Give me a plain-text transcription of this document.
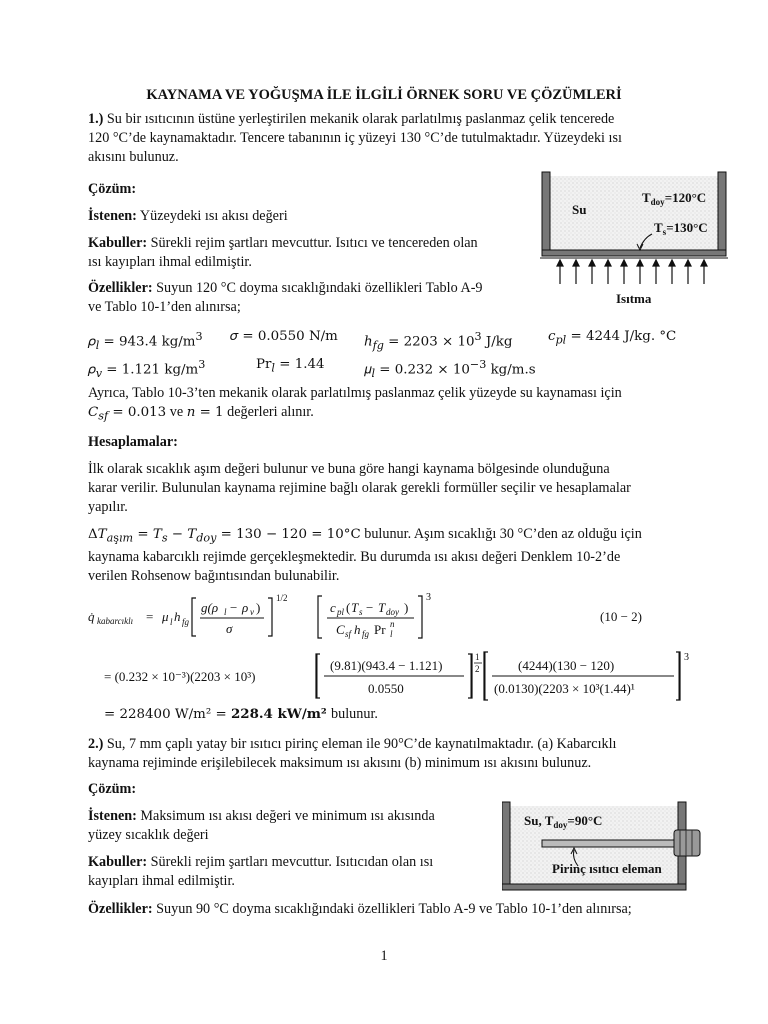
KAYNAMA VE YOĞUŞMA İLE İLGİLİ ÖRNEK SORU VE ÇÖZÜMLERİ
1.) Su bir ısıtıcının üstüne yerleştirilen mekanik olarak parlatılmış paslanmaz çelik tencerede
120 °C’de kaynamaktadır. Tencere tabanının iç yüzeyi 130 °C’de tutulmaktadır. Yüzeydeki ısı
akısını bulunuz.
Çözüm:
İstenen: Yüzeydeki ısı akısı değeri
Kabuller: Sürekli rejim şartları mevcuttur. Isıtıcı ve tencereden olan
ısı kayıpları ihmal edilmiştir.
Özellikler: Suyun 120 °C doyma sıcaklığındaki özellikleri Tablo A-9
ve Tablo 10-1’den alınırsa;
𝜌$_𝑙$ = 943.4 $kg/m^3$ 𝜎 = 0.0550 N/m ℎ$_{𝑓𝑔}$ = $2203 \times 10^3$ J/kg	𝑐$_{𝑝𝑙}$ = 4244 J/kg. °C
𝜌$_𝑣$ = 1.121 $kg/m^3$	$Pr_𝑙 = 1.44$	𝜇$_𝑙$ = $0.232 \times 10^{-3}$ kg/m.s
Ayrıca, Tablo 10-3’ten mekanik olarak parlatılmış paslanmaz çelik yüzeyde su kaynaması için
𝐶$_{𝑠𝑓}$ = 0.013 ve 𝑛 = 1 değerleri alınır.
Hesaplamalar:
İlk olarak sıcaklık aşım değeri bulunur ve buna göre hangi kaynama bölgesinde olunduğuna
karar verilir. Bulunulan kaynama rejimine bağlı olarak gerekli formüller seçilir ve hesaplamalar
yapılır.
Δ𝑇$_{𝑎ş𝚤𝑚}$ = 𝑇$_𝑠$ − 𝑇$_{𝑑𝑜𝑦}$ = 130 − 120 = 10°C bulunur. Aşım sıcaklığı 30 °C’den az olduğu için
kaynama kabarcıklı rejimde gerçekleşmektedir. Bu durumda ısı akısı değeri Denklem 10-2’de
verilen Rohsenow bağıntısından bulunabilir.
q̇ kabarcıklı = μ l h fg
g(ρ l − ρ v )
σ
1/2
c pl ( T s − T doy )
C sf h fg Pr l
n
3
(10 − 2)
= (0.232 × 10⁻³)(2203 × 10³)
(9.81)(943.4 − 1.121)
0.0550
1
2	(4244)(130 − 120)
(0.0130)(2203 × 10³(1.44)¹
3
= 228400 W/m² = 228.4 kW/m² bulunur.
Su
$T_{doy}=120^\circ C$
$T_s=130^\circ C$
Isıtma
2.) Su, 7 mm çaplı yatay bir ısıtıcı pirinç eleman ile 90°C’de kaynatılmaktadır. (a) Kabarcıklı
kaynama rejiminde erişilebilecek maksimum ısı akısını (b) minimum ısı akısını bulunuz.
Çözüm:
İstenen: Maksimum ısı akısı değeri ve minimum ısı akısında
yüzey sıcaklık değeri
Kabuller: Sürekli rejim şartları mevcuttur. Isıtıcıdan olan ısı
kayıpları ihmal edilmiştir.
Özellikler: Suyun 90 °C doyma sıcaklığındaki özellikleri Tablo A-9 ve Tablo 10-1’den alınırsa;
Su, $T_{doy}=90^\circ C$
Pirinç ısıtıcı eleman
1
